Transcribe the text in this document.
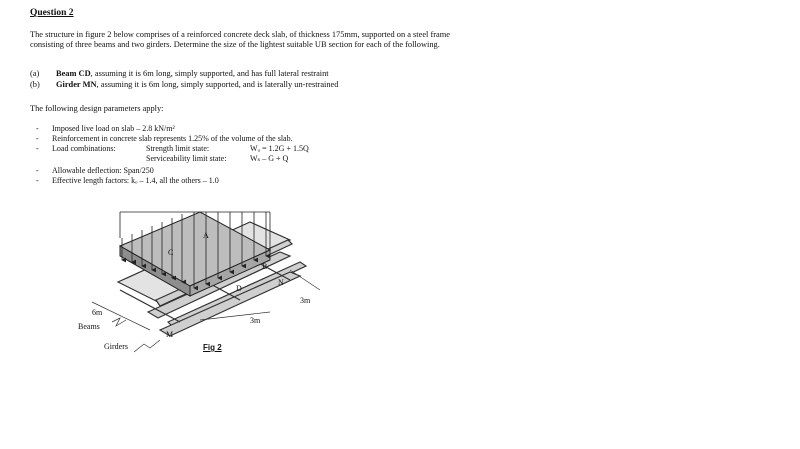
Question 2
The structure in figure 2 below comprises of a reinforced concrete deck slab, of thickness 175mm, supported on a steel frame consisting of three beams and two girders. Determine the size of the lightest suitable UB section for each of the following.
(a) Beam CD, assuming it is 6m long, simply supported, and has full lateral restraint
(b) Girder MN, assuming it is 6m long, simply supported, and is laterally un-restrained
The following design parameters apply:
- Imposed live load on slab – 2.8 kN/m²
- Reinforcement in concrete slab represents 1.25% of the volume of the slab.
- Load combinations:	Strength limit state:	Wᵤ = 1.2G + 1.5Q
Serviceability limit state:	Wₛ – G + Q
- Allowable deflection: Span/250
- Effective length factors: kₒ – 1.4, all the others – 1.0
A
C
B
D
N
M
6m
3m
3m
Beams
Girders	Fig 2
